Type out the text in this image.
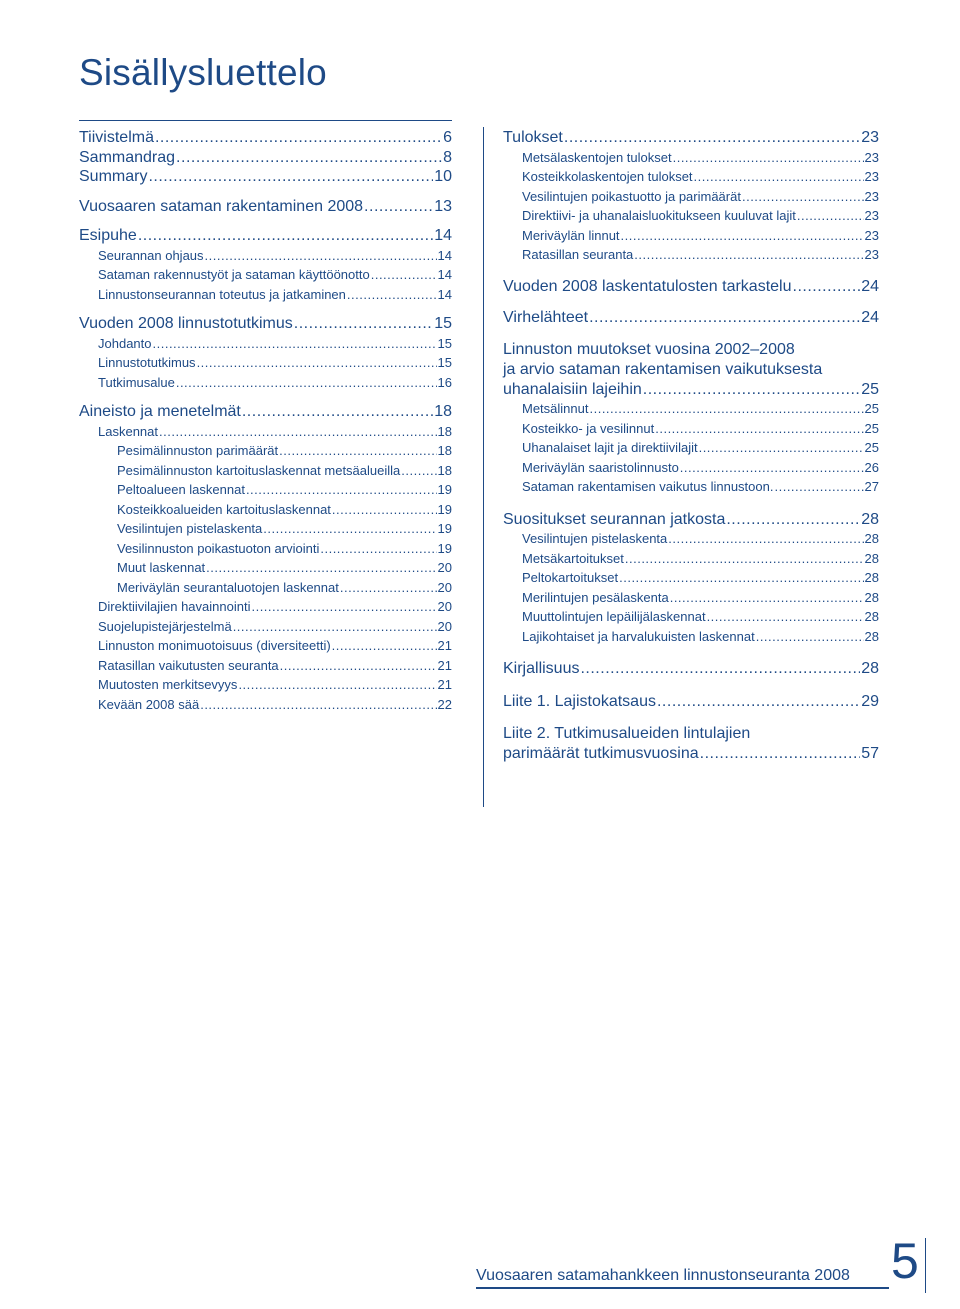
Sisällysluettelo
Tiivistelmä .....	6
Sammandrag .....	8
Summary .....	10
Vuosaaren sataman rakentaminen 2008 .....	13
Esipuhe .....	14
Seurannan ohjaus .....	14
Sataman rakennustyöt ja sataman käyttöönotto .....	14
Linnustonseurannan toteutus ja jatkaminen .....	14
Vuoden 2008 linnustotutkimus .....	15
Johdanto .....	15
Linnustotutkimus .....	15
Tutkimusalue .....	16
Aineisto ja menetelmät .....	18
Laskennat .....	18
Pesimälinnuston parimäärät .....	18
Pesimälinnuston kartoituslaskennat metsäalueilla .....	18
Peltoalueen laskennat .....	19
Kosteikkoalueiden kartoituslaskennat .....	19
Vesilintujen pistelaskenta .....	19
Vesilinnuston poikastuoton arviointi .....	19
Muut laskennat .....	20
Meriväylän seurantaluotojen laskennat .....	20
Direktiivilajien havainnointi .....	20
Suojelupistejärjestelmä .....	20
Linnuston monimuotoisuus (diversiteetti) .....	21
Ratasillan vaikutusten seuranta .....	21
Muutosten merkitsevyys .....	21
Kevään 2008 sää .....	22
Tulokset .....	23
Metsälaskentojen tulokset .....	23
Kosteikkolaskentojen tulokset .....	23
Vesilintujen poikastuotto ja parimäärät .....	23
Direktiivi- ja uhanalaisluokitukseen kuuluvat lajit .....	23
Meriväylän linnut .....	23
Ratasillan seuranta .....	23
Vuoden 2008 laskentatulosten tarkastelu .....	24
Virhelähteet .....	24
Linnuston muutokset vuosina 2002–2008
ja arvio sataman rakentamisen vaikutuksesta
uhanalaisiin lajeihin .....	25
Metsälinnut .....	25
Kosteikko- ja vesilinnut .....	25
Uhanalaiset lajit ja direktiivilajit .....	25
Meriväylän saaristolinnusto .....	26
Sataman rakentamisen vaikutus linnustoon. .....	27
Suositukset seurannan jatkosta .....	28
Vesilintujen pistelaskenta .....	28
Metsäkartoitukset .....	28
Peltokartoitukset .....	28
Merilintujen pesälaskenta .....	28
Muuttolintujen lepäilijälaskennat .....	28
Lajikohtaiset ja harvalukuisten laskennat .....	28
Kirjallisuus .....	28
Liite 1. Lajistokatsaus .....	29
Liite 2. Tutkimusalueiden lintulajien
parimäärät tutkimusvuosina .....	57
Vuosaaren satamahankkeen linnustonseuranta 2008 5
